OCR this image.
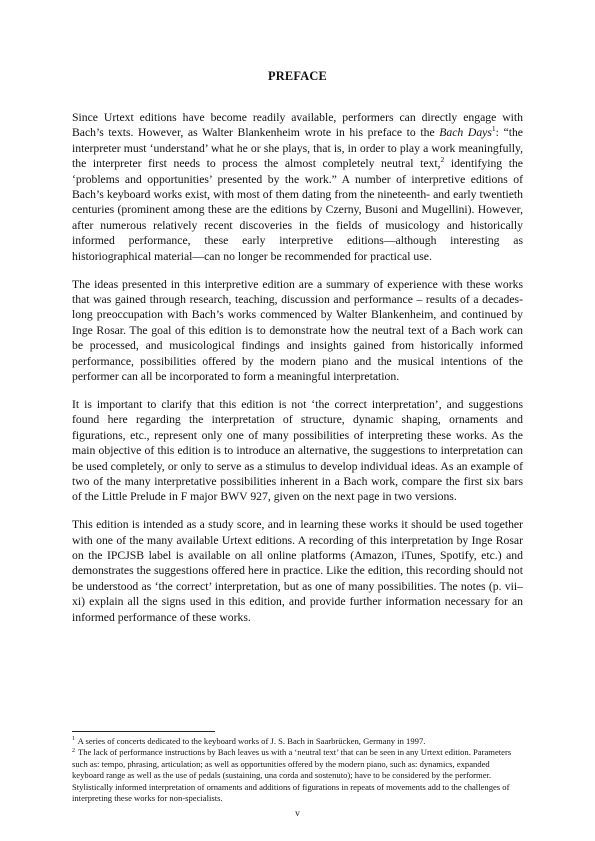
PREFACE

Since Urtext editions have become readily available, performers can directly engage with Bach’s texts. However, as Walter Blankenheim wrote in his preface to the Bach Days$^1$: “the interpreter must ‘understand’ what he or she plays, that is, in order to play a work meaningfully, the interpreter first needs to process the almost completely neutral text,$^2$ identifying the ‘problems and opportunities’ presented by the work.” A number of interpretive editions of Bach’s keyboard works exist, with most of them dating from the nineteenth- and early twentieth centuries (prominent among these are the editions by Czerny, Busoni and Mugellini). However, after numerous relatively recent discoveries in the fields of musicology and historically informed performance, these early interpretive editions—although interesting as historiographical material—can no longer be recommended for practical use.

The ideas presented in this interpretive edition are a summary of experience with these works that was gained through research, teaching, discussion and performance – results of a decades-long preoccupation with Bach’s works commenced by Walter Blankenheim, and continued by Inge Rosar. The goal of this edition is to demonstrate how the neutral text of a Bach work can be processed, and musicological findings and insights gained from historically informed performance, possibilities offered by the modern piano and the musical intentions of the performer can all be incorporated to form a meaningful interpretation.

It is important to clarify that this edition is not ‘the correct interpretation’, and suggestions found here regarding the interpretation of structure, dynamic shaping, ornaments and figurations, etc., represent only one of many possibilities of interpreting these works. As the main objective of this edition is to introduce an alternative, the suggestions to interpretation can be used completely, or only to serve as a stimulus to develop individual ideas. As an example of two of the many interpretative possibilities inherent in a Bach work, compare the first six bars of the Little Prelude in F major BWV 927, given on the next page in two versions.

This edition is intended as a study score, and in learning these works it should be used together with one of the many available Urtext editions. A recording of this interpretation by Inge Rosar on the IPCJSB label is available on all online platforms (Amazon, iTunes, Spotify, etc.) and demonstrates the suggestions offered here in practice. Like the edition, this recording should not be understood as ‘the correct’ interpretation, but as one of many possibilities. The notes (p. vii–xi) explain all the signs used in this edition, and provide further information necessary for an informed performance of these works.

$^1$ A series of concerts dedicated to the keyboard works of J. S. Bach in Saarbrücken, Germany in 1997.

$^2$ The lack of performance instructions by Bach leaves us with a ‘neutral text’ that can be seen in any Urtext edition. Parameters such as: tempo, phrasing, articulation; as well as opportunities offered by the modern piano, such as: dynamics, expanded keyboard range as well as the use of pedals (sustaining, una corda and sostenuto); have to be considered by the performer. Stylistically informed interpretation of ornaments and additions of figurations in repeats of movements add to the challenges of interpreting these works for non-specialists.

v
